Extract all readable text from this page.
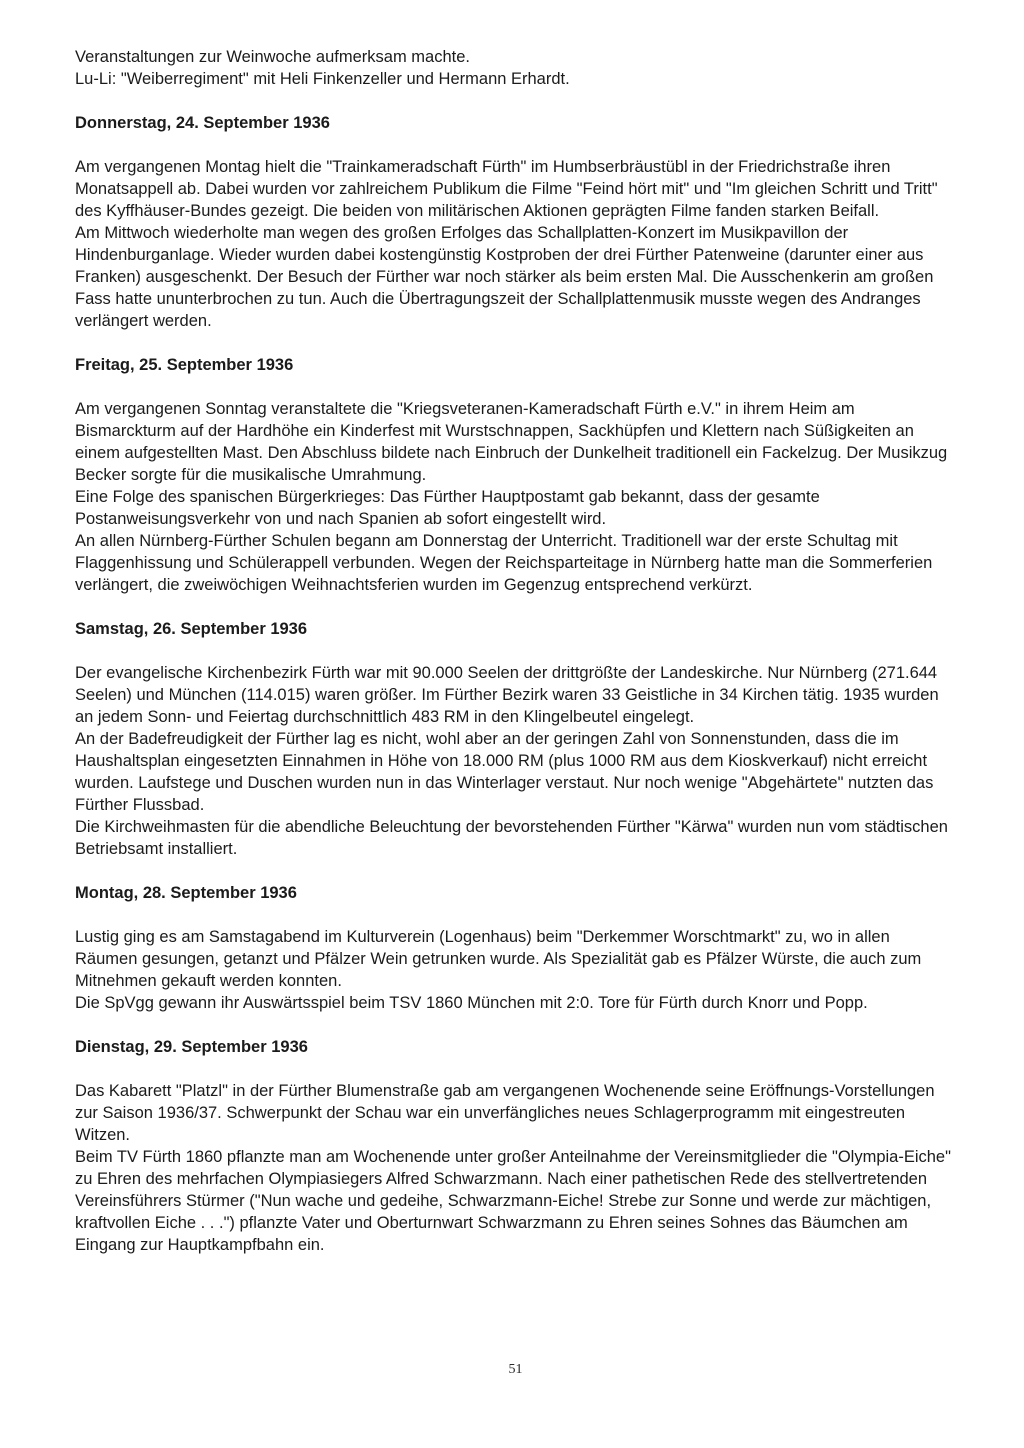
Veranstaltungen zur Weinwoche aufmerksam machte.
Lu-Li: "Weiberregiment" mit Heli Finkenzeller und Hermann Erhardt.
Donnerstag, 24. September 1936

Am vergangenen Montag hielt die "Trainkameradschaft Fürth" im Humbserbräustübl in der Friedrichstraße ihren Monatsappell ab. Dabei wurden vor zahlreichem Publikum die Filme "Feind hört mit" und "Im gleichen Schritt und Tritt" des Kyffhäuser-Bundes gezeigt. Die beiden von militärischen Aktionen geprägten Filme fanden starken Beifall.

Am Mittwoch wiederholte man wegen des großen Erfolges das Schallplatten-Konzert im Musikpavillon der Hindenburganlage. Wieder wurden dabei kostengünstig Kostproben der drei Fürther Patenweine (darunter einer aus Franken) ausgeschenkt. Der Besuch der Fürther war noch stärker als beim ersten Mal. Die Ausschenkerin am großen Fass hatte ununterbrochen zu tun. Auch die Übertragungszeit der Schallplattenmusik musste wegen des Andranges verlängert werden.

Freitag, 25. September 1936

Am vergangenen Sonntag veranstaltete die "Kriegsveteranen-Kameradschaft Fürth e.V." in ihrem Heim am Bismarckturm auf der Hardhöhe ein Kinderfest mit Wurstschnappen, Sackhüpfen und Klettern nach Süßigkeiten an einem aufgestellten Mast. Den Abschluss bildete nach Einbruch der Dunkelheit traditionell ein Fackelzug. Der Musikzug Becker sorgte für die musikalische Umrahmung.

Eine Folge des spanischen Bürgerkrieges: Das Fürther Hauptpostamt gab bekannt, dass der gesamte Postanweisungsverkehr von und nach Spanien ab sofort eingestellt wird.

An allen Nürnberg-Fürther Schulen begann am Donnerstag der Unterricht. Traditionell war der erste Schultag mit Flaggenhissung und Schülerappell verbunden. Wegen der Reichsparteitage in Nürnberg hatte man die Sommerferien verlängert, die zweiwöchigen Weihnachtsferien wurden im Gegenzug entsprechend verkürzt.

Samstag, 26. September 1936

Der evangelische Kirchenbezirk Fürth war mit 90.000 Seelen der drittgrößte der Landeskirche. Nur Nürnberg (271.644 Seelen) und München (114.015) waren größer. Im Fürther Bezirk waren 33 Geistliche in 34 Kirchen tätig. 1935 wurden an jedem Sonn- und Feiertag durchschnittlich 483 RM in den Klingelbeutel eingelegt.

An der Badefreudigkeit der Fürther lag es nicht, wohl aber an der geringen Zahl von Sonnenstunden, dass die im Haushaltsplan eingesetzten Einnahmen in Höhe von 18.000 RM (plus 1000 RM aus dem Kioskverkauf) nicht erreicht wurden. Laufstege und Duschen wurden nun in das Winterlager verstaut. Nur noch wenige "Abgehärtete" nutzten das Fürther Flussbad.

Die Kirchweihmasten für die abendliche Beleuchtung der bevorstehenden Fürther "Kärwa" wurden nun vom städtischen Betriebsamt installiert.

Montag, 28. September 1936

Lustig ging es am Samstagabend im Kulturverein (Logenhaus) beim "Derkemmer Worschtmarkt" zu, wo in allen Räumen gesungen, getanzt und Pfälzer Wein getrunken wurde. Als Spezialität gab es Pfälzer Würste, die auch zum Mitnehmen gekauft werden konnten.

Die SpVgg gewann ihr Auswärtsspiel beim TSV 1860 München mit 2:0. Tore für Fürth durch Knorr und Popp.

Dienstag, 29. September 1936

Das Kabarett "Platzl" in der Fürther Blumenstraße gab am vergangenen Wochenende seine Eröffnungs-Vorstellungen zur Saison 1936/37. Schwerpunkt der Schau war ein unverfängliches neues Schlagerprogramm mit eingestreuten Witzen.

Beim TV Fürth 1860 pflanzte man am Wochenende unter großer Anteilnahme der Vereinsmitglieder die "Olympia-Eiche" zu Ehren des mehrfachen Olympiasiegers Alfred Schwarzmann. Nach einer pathetischen Rede des stellvertretenden Vereinsführers Stürmer ("Nun wache und gedeihe, Schwarzmann-Eiche! Strebe zur Sonne und werde zur mächtigen, kraftvollen Eiche . . .") pflanzte Vater und Oberturnwart Schwarzmann zu Ehren seines Sohnes das Bäumchen am Eingang zur Hauptkampfbahn ein.

51
